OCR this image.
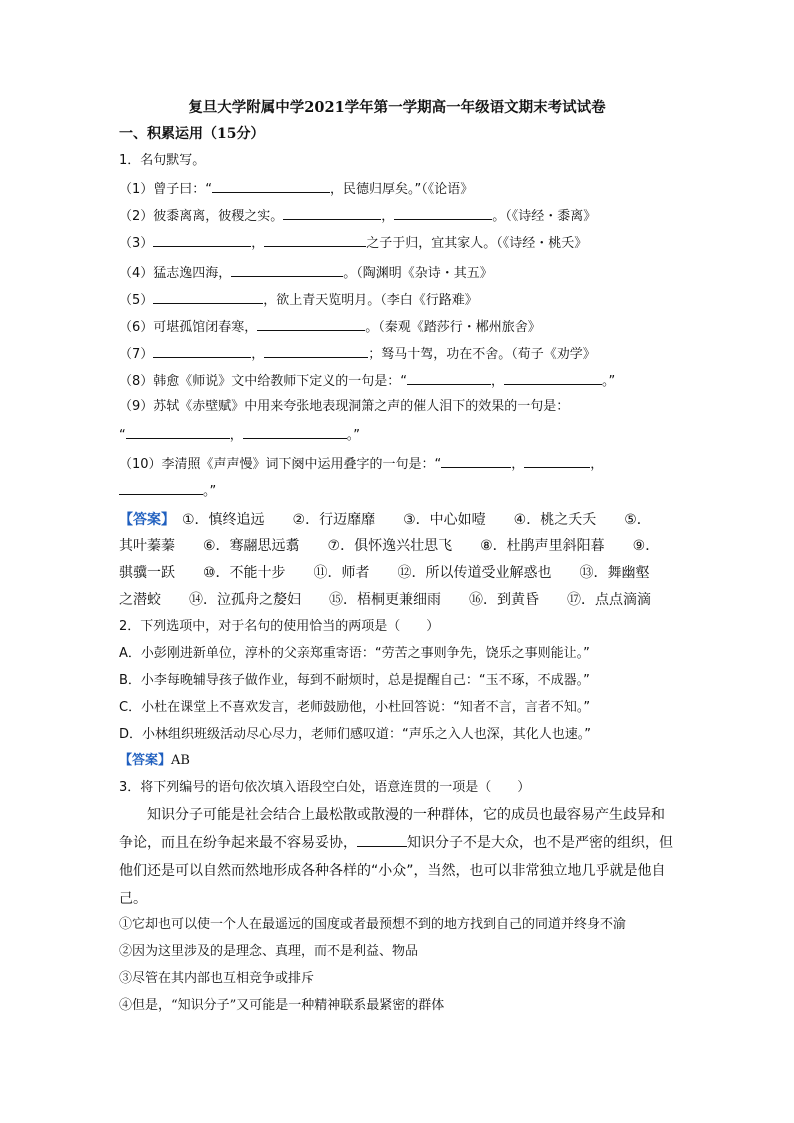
复旦大学附属中学2021学年第一学期高一年级语文期末考试试卷
一、积累运用（15分）
1．名句默写。
（1）曾子曰：“	，民德归厚矣。”（《论语》
（2）彼黍离离，彼稷之实。	，	。（《诗经・黍离》
（3）	，	之子于归，宜其家人。（《诗经・桃夭》
（4）猛志逸四海，	。（陶渊明《杂诗・其五》
（5）	，欲上青天览明月。（李白《行路难》
（6）可堪孤馆闭春寒，	。（秦观《踏莎行・郴州旅舍》
（7）	，	；驽马十驾，功在不舍。（荀子《劝学》
（8）韩愈《师说》文中给教师下定义的一句是：“	，	。”
（9）苏轼《赤壁赋》中用来夸张地表现洞箫之声的催人泪下的效果的一句是：
“	，	。”
（10）李清照《声声慢》词下阕中运用叠字的一句是：“	，	，
。”
【答案】　 ①．慎终追远　　②．行迈靡靡　　③．中心如噎　　④．桃之夭夭　　⑤．
其叶蓁蓁　　⑥．骞翮思远翥　　⑦．俱怀逸兴壮思飞　　⑧．杜鹃声里斜阳暮　　⑨．
骐骥一跃　　⑩．不能十步　　⑪．师者　　⑫．所以传道受业解惑也　　⑬．舞幽壑
之潜蛟　　⑭．泣孤舟之嫠妇　　⑮．梧桐更兼细雨　　⑯．到黄昏　　⑰．点点滴滴
2．下列选项中，对于名句的使用恰当的两项是（　　）
A．小彭刚进新单位，淳朴的父亲郑重寄语：“劳苦之事则争先，饶乐之事则能让。”
B．小李每晚辅导孩子做作业，每到不耐烦时，总是提醒自己：“玉不琢，不成器。”
C．小杜在课堂上不喜欢发言，老师鼓励他，小杜回答说：“知者不言，言者不知。”
D．小林组织班级活动尽心尽力，老师们感叹道：“声乐之入人也深，其化人也速。”
【答案】AB
3．将下列编号的语句依次填入语段空白处，语意连贯的一项是（　　）
知识分子可能是社会结合上最松散或散漫的一种群体，它的成员也最容易产生歧异和
争论，而且在纷争起来最不容易妥协，	知识分子不是大众，也不是严密的组织，但
他们还是可以自然而然地形成各种各样的“小众”，当然，也可以非常独立地几乎就是他自
己。
①它却也可以使一个人在最遥远的国度或者最预想不到的地方找到自己的同道并终身不渝
②因为这里涉及的是理念、真理，而不是利益、物品
③尽管在其内部也互相竞争或排斥
④但是，“知识分子”又可能是一种精神联系最紧密的群体
